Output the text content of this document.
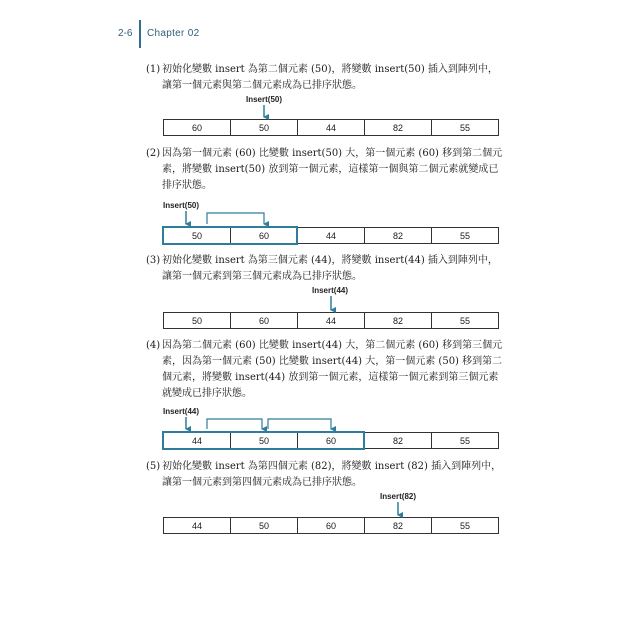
2-6 Chapter 02
(1) 初始化變數 insert 為第二個元素 (50)，將變數 insert(50) 插入到陣列中，讓第一個元素與第二個元素成為已排序狀態。
Insert(50)
60	50	44	82	55
(2) 因為第一個元素 (60) 比變數 insert(50) 大，第一個元素 (60) 移到第二個元素，將變數 insert(50) 放到第一個元素，這樣第一個與第二個元素就變成已排序狀態。
Insert(50)
50	60	44	82	55
(3) 初始化變數 insert 為第三個元素 (44)，將變數 insert(44) 插入到陣列中，讓第一個元素到第三個元素成為已排序狀態。
Insert(44)
50	60	44	82	55
(4) 因為第二個元素 (60) 比變數 insert(44) 大，第二個元素 (60) 移到第三個元素，因為第一個元素 (50) 比變數 insert(44) 大，第一個元素 (50) 移到第二個元素，將變數 insert(44) 放到第一個元素，這樣第一個元素到第三個元素就變成已排序狀態。
Insert(44)
44	50	60	82	55
(5) 初始化變數 insert 為第四個元素 (82)，將變數 insert (82) 插入到陣列中，讓第一個元素到第四個元素成為已排序狀態。
Insert(82)
44	50	60	82	55
